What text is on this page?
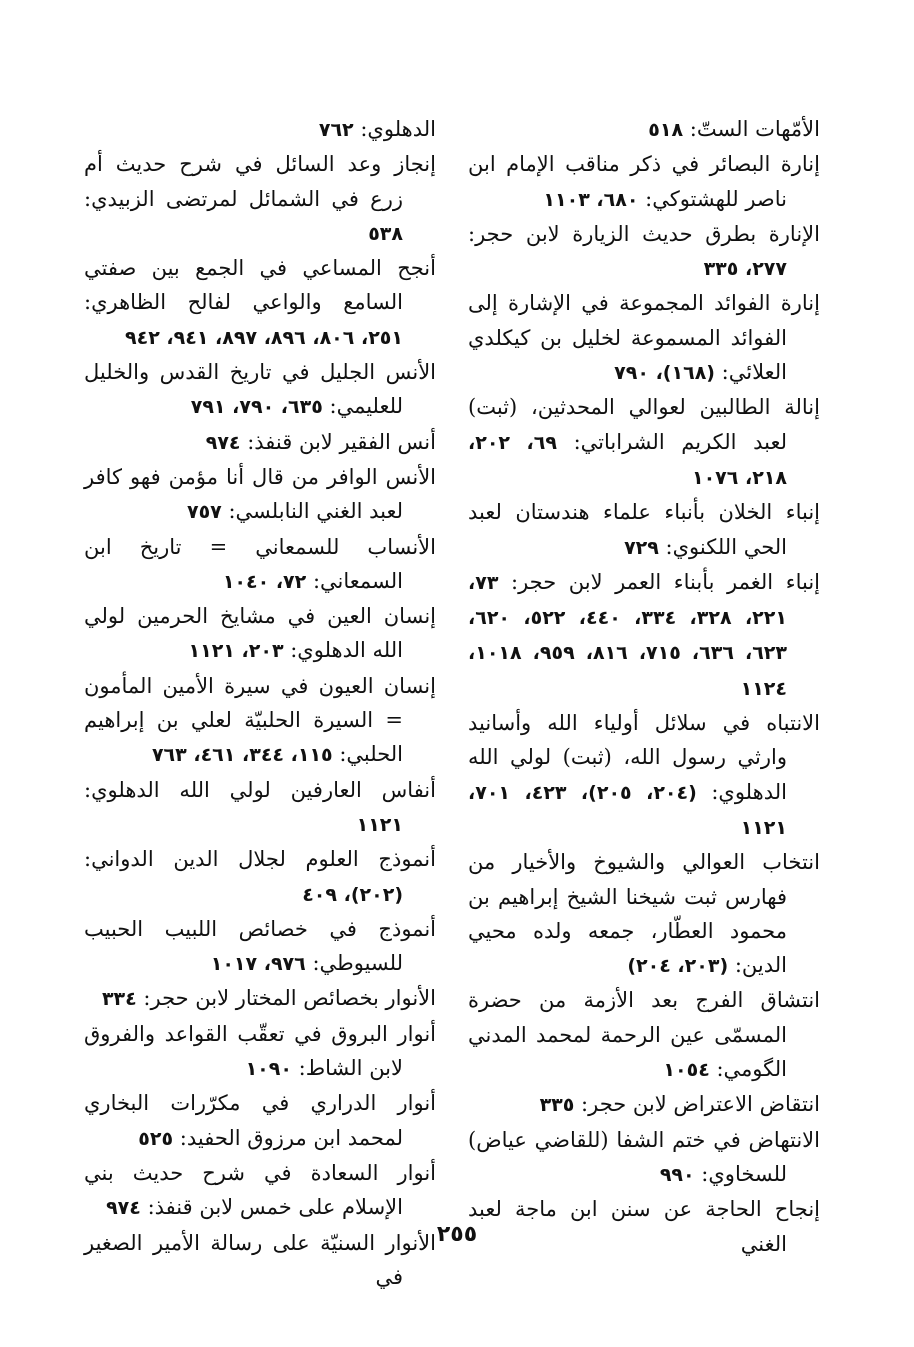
الأمّهات الستّ: ٥١٨

إنارة البصائر في ذكر مناقب الإمام ابن ناصر للهشتوكي: ٦٨٠، ١١٠٣

الإنارة بطرق حديث الزيارة لابن حجر: ٢٧٧، ٣٣٥

إنارة الفوائد المجموعة في الإشارة إلى الفوائد المسموعة لخليل بن كيكلدي العلائي: (١٦٨)، ٧٩٠

إنالة الطالبين لعوالي المحدثين، (ثبت) لعبد الكريم الشراباتي: ٦٩، ٢٠٢، ٢١٨، ١٠٧٦

إنباء الخلان بأنباء علماء هندستان لعبد الحي اللكنوي: ٧٢٩

إنباء الغمر بأبناء العمر لابن حجر: ٧٣، ٢٢١، ٣٢٨، ٣٣٤، ٤٤٠، ٥٢٢، ٦٢٠، ٦٢٣، ٦٣٦، ٧١٥، ٨١٦، ٩٥٩، ١٠١٨، ١١٢٤

الانتباه في سلائل أولياء الله وأسانيد وارثي رسول الله، (ثبت) لولي الله الدهلوي: (٢٠٤، ٢٠٥)، ٤٢٣، ٧٠١، ١١٢١

انتخاب العوالي والشيوخ والأخيار من فهارس ثبت شيخنا الشيخ إبراهيم بن محمود العطّار، جمعه ولده محيي الدين: (٢٠٣، ٢٠٤)

انتشاق الفرج بعد الأزمة من حضرة المسمّى عين الرحمة لمحمد المدني الگومي: ١٠٥٤

انتقاض الاعتراض لابن حجر: ٣٣٥

الانتهاض في ختم الشفا (للقاضي عياض) للسخاوي: ٩٩٠

إنجاح الحاجة عن سنن ابن ماجة لعبد الغني

الدهلوي: ٧٦٢

إنجاز وعد السائل في شرح حديث أم زرع في الشمائل لمرتضى الزبيدي: ٥٣٨

أنجح المساعي في الجمع بين صفتي السامع والواعي لفالح الظاهري: ٢٥١، ٨٠٦، ٨٩٦، ٨٩٧، ٩٤١، ٩٤٢

الأنس الجليل في تاريخ القدس والخليل للعليمي: ٦٣٥، ٧٩٠، ٧٩١

أنس الفقير لابن قنفذ: ٩٧٤

الأنس الوافر من قال أنا مؤمن فهو كافر لعبد الغني النابلسي: ٧٥٧

الأنساب للسمعاني = تاريخ ابن السمعاني: ٧٢، ١٠٤٠

إنسان العين في مشايخ الحرمين لولي الله الدهلوي: ٢٠٣، ١١٢١

إنسان العيون في سيرة الأمين المأمون = السيرة الحلبيّة لعلي بن إبراهيم الحلبي: ١١٥، ٣٤٤، ٤٦١، ٧٦٣

أنفاس العارفين لولي الله الدهلوي: ١١٢١

أنموذج العلوم لجلال الدين الدواني: (٢٠٢)، ٤٠٩

أنموذج في خصائص اللبيب الحبيب للسيوطي: ٩٧٦، ١٠١٧

الأنوار بخصائص المختار لابن حجر: ٣٣٤

أنوار البروق في تعقّب القواعد والفروق لابن الشاط: ١٠٩٠

أنوار الدراري في مكرّرات البخاري لمحمد ابن مرزوق الحفيد: ٥٢٥

أنوار السعادة في شرح حديث بني الإسلام على خمس لابن قنفذ: ٩٧٤

الأنوار السنيّة على رسالة الأمير الصغير في

٢٥٥
